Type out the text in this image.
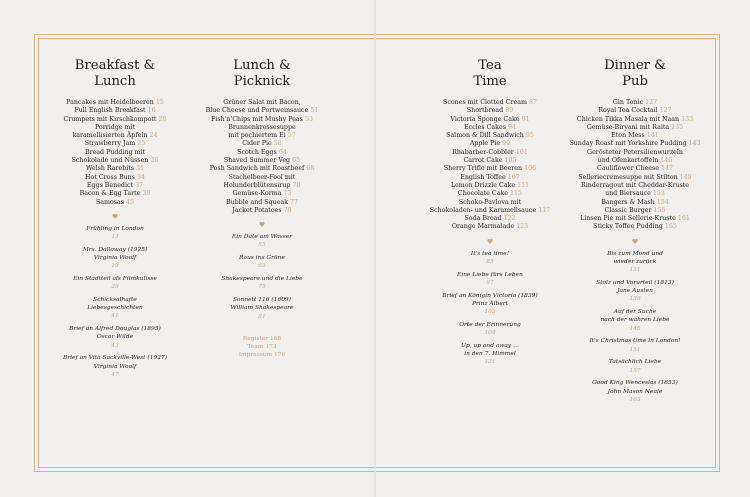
Breakfast &
Lunch
Pancakes mit Heidelbeeren 15
Full English Breakfast 16
Crumpets mit Kirschkompott 20
Porridge mit
karamellisierten Äpfeln 24
Strawberry Jam 25
Bread Pudding mit
Schokolade und Nüssen 26
Welsh Rarebits 31
Hot Cross Buns 34
Eggs Benedict 37
Bacon & Egg Tarte 39
Samosas 45
♥
Frühling in London
13
Mrs. Dalloway (1925)
Virginia Woolf
19
Ein Stadtteil als Filmkulisse
29
Schicksalhafte
Liebesgeschichten
41
Brief an Alfred Douglas (1895)
Oscar Wilde
43
Brief an Vita Sackville-West (1927)
Virginia Woolf
47
Lunch &
Picknick
Grüner Salat mit Bacon,
Blue Cheese und Portweinsauce 51
Fish'n'Chips mit Mushy Peas 53
Brunnenkressesuppe
mit pochiertem Ei 57
Cider Pie 58
Scotch Eggs 64
Shaved Summer Veg 65
Posh Sandwich mit Roastbeef 68
Stachelbeer-Fool mit
Holunderblütensirup 70
Gemüse-Korma 73
Bubble and Squeak 77
Jacket Potatoes 79
♥
Ein Date am Wasser
55
Raus ins Grüne
63
Shakespeare und die Liebe
75
Sonnett 116 (1609)
William Shakespeare
81
Register 168
Team 173
Impressum 176
Tea
Time
Scones mit Clotted Cream 87
Shortbread 89
Victoria Sponge Cake 91
Eccles Cakes 94
Salmon & Dill Sandwich 95
Apple Pie 99
Rhabarber-Cobbler 101
Carrot Cake 105
Sherry Trifle mit Beeren 106
English Toffee 107
Lemon Drizzle Cake 111
Chocolate Cake 115
Schoko-Pavlova mit
Schokoladen- und Karamellsauce 117
Soda Bread 122
Orange Marmalade 123
♥
It's tea time!
85
Eine Liebe fürs Leben
97
Brief an Königin Victoria (1839)
Prinz Albert
103
Orte der Erinnerung
109
Up, up and away …
in den 7. Himmel
121
Dinner &
Pub
Gin Tonic 127
Royal Tea Cocktail 127
Chicken Tikka Masala mit Naan 133
Gemüse-Biryani mit Raita 135
Eton Mess 141
Sunday Roast mit Yorkshire Pudding 143
Gerösteter Petersilienwurzeln
und Ofenkartoffeln 146
Cauliflower Cheese 147
Selleriecremesuppe mit Stilton 149
Rinderragout mit Cheddar-Kruste
und Biersauce 153
Bangers & Mash 154
Classic Burger 155
Linsen Pie mit Sellerie-Kruste 161
Sticky Toffee Pudding 165
♥
Bis zum Mond und
wieder zurück
131
Stolz und Vorurteil (1813)
Jane Austen
139
Auf der Suche
nach der wahren Liebe
145
It's Christmas time in London!
151
Tatsächlich Liebe
157
Good King Wenceslas (1853)
John Mason Neale
163
